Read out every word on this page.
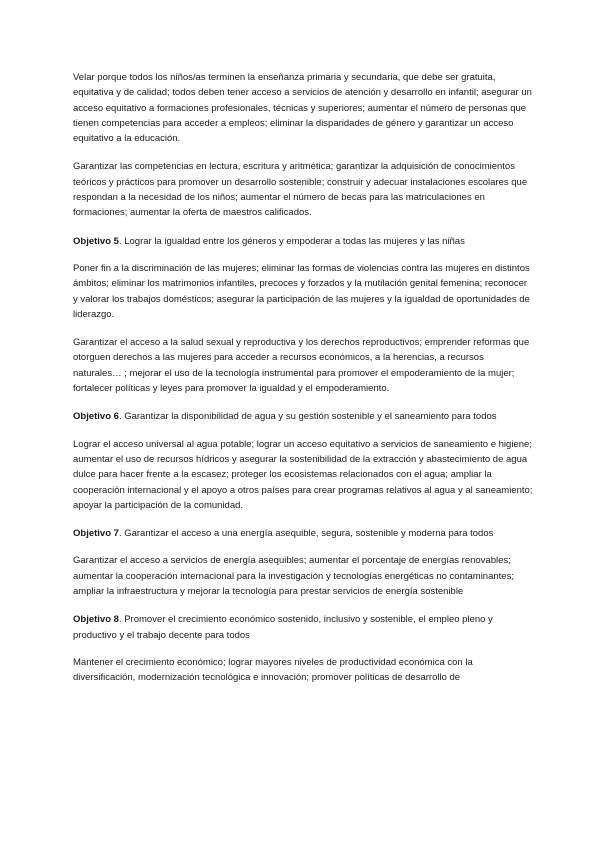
Velar porque todos los niños/as terminen la enseñanza primaria y secundaria, que debe ser gratuita, equitativa y de calidad; todos deben tener acceso a servicios de atención y desarrollo en infantil; asegurar un acceso equitativo a formaciones profesionales, técnicas y superiores; aumentar el número de personas que tienen competencias para acceder a empleos; eliminar la disparidades de género y garantizar un acceso equitativo a la educación.

Garantizar las competencias en lectura, escritura y aritmética; garantizar la adquisición de conocimientos teóricos y prácticos para promover un desarrollo sostenible; construir y adecuar instalaciones escolares que respondan a la necesidad de los niños; aumentar el número de becas para las matriculaciones en formaciones; aumentar la oferta de maestros calificados.

Objetivo 5. Lograr la igualdad entre los géneros y empoderar a todas las mujeres y las niñas

Poner fin a la discriminación de las mujeres; eliminar las formas de violencias contra las mujeres en distintos ámbitos; eliminar los matrimonios infantiles, precoces y forzados y la mutilación genital femenina; reconocer y valorar los trabajos domésticos; asegurar la participación de las mujeres y la igualdad de oportunidades de liderazgo.

Garantizar el acceso a la salud sexual y reproductiva y los derechos reproductivos; emprender reformas que otorguen derechos a las mujeres para acceder a recursos económicos, a la herencias, a recursos naturales… ; mejorar el uso de la tecnología instrumental para promover el empoderamiento de la mujer; fortalecer políticas y leyes para promover la igualdad y el empoderamiento.

Objetivo 6. Garantizar la disponibilidad de agua y su gestión sostenible y el saneamiento para todos

Lograr el acceso universal al agua potable; lograr un acceso equitativo a servicios de saneamiento e higiene; aumentar el uso de recursos hídricos y asegurar la sostenibilidad de la extracción y abastecimiento de agua dulce para hacer frente a la escasez; proteger los ecosistemas relacionados con el agua; ampliar la cooperación internacional y el apoyo a otros países para crear programas relativos al agua y al saneamiento; apoyar la participación de la comunidad.

Objetivo 7. Garantizar el acceso a una energía asequible, segura, sostenible y moderna para todos

Garantizar el acceso a servicios de energía asequibles; aumentar el porcentaje de energías renovables; aumentar la cooperación internacional para la investigación y tecnologías energéticas no contaminantes; ampliar la infraestructura y mejorar la tecnología para prestar servicios de energía sostenible

Objetivo 8. Promover el crecimiento económico sostenido, inclusivo y sostenible, el empleo pleno y productivo y el trabajo decente para todos

Mantener el crecimiento económico; lograr mayores niveles de productividad económica con la diversificación, modernización tecnológica e innovación; promover políticas de desarrollo de
